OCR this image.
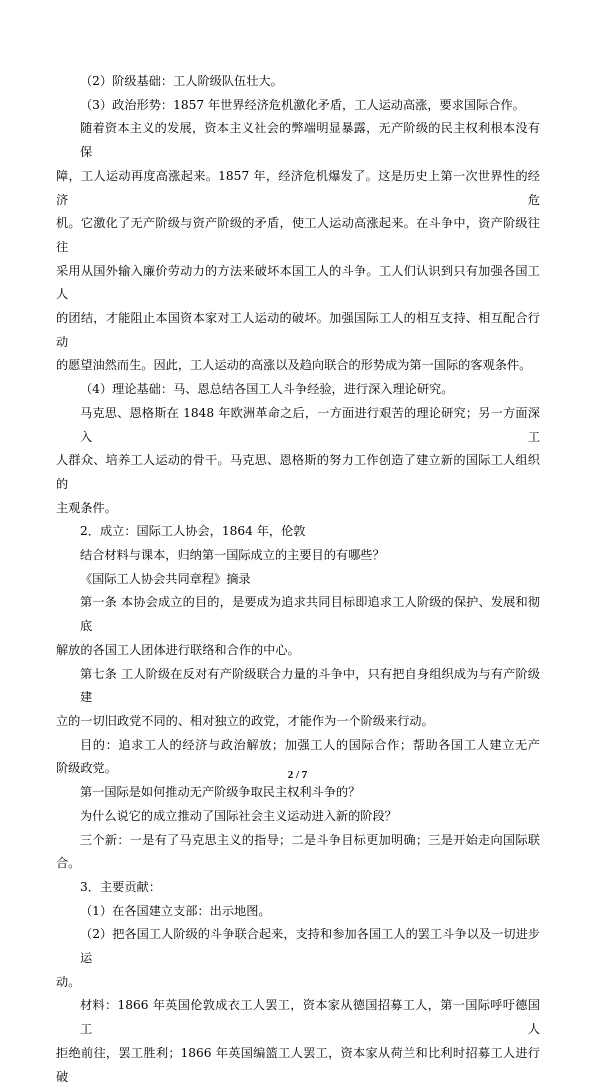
（2）阶级基础：工人阶级队伍壮大。
（3）政治形势：1857 年世界经济危机激化矛盾，工人运动高涨，要求国际合作。
随着资本主义的发展，资本主义社会的弊端明显暴露，无产阶级的民主权利根本没有保
障，工人运动再度高涨起来。1857 年，经济危机爆发了。这是历史上第一次世界性的经济危
机。它激化了无产阶级与资产阶级的矛盾，使工人运动高涨起来。在斗争中，资产阶级往往
采用从国外输入廉价劳动力的方法来破坏本国工人的斗争。工人们认识到只有加强各国工人
的团结，才能阻止本国资本家对工人运动的破坏。加强国际工人的相互支持、相互配合行动
的愿望油然而生。因此，工人运动的高涨以及趋向联合的形势成为第一国际的客观条件。
（4）理论基础：马、恩总结各国工人斗争经验，进行深入理论研究。
马克思、恩格斯在 1848 年欧洲革命之后，一方面进行艰苦的理论研究；另一方面深入工
人群众、培养工人运动的骨干。马克思、恩格斯的努力工作创造了建立新的国际工人组织的
主观条件。
2．成立：国际工人协会，1864 年，伦敦
结合材料与课本，归纳第一国际成立的主要目的有哪些？
《国际工人协会共同章程》摘录
第一条 本协会成立的目的，是要成为追求共同目标即追求工人阶级的保护、发展和彻底
解放的各国工人团体进行联络和合作的中心。
第七条 工人阶级在反对有产阶级联合力量的斗争中，只有把自身组织成为与有产阶级建
立的一切旧政党不同的、相对独立的政党，才能作为一个阶级来行动。
目的：追求工人的经济与政治解放；加强工人的国际合作；帮助各国工人建立无产
阶级政党。
第一国际是如何推动无产阶级争取民主权利斗争的？
为什么说它的成立推动了国际社会主义运动进入新的阶段？
三个新：一是有了马克思主义的指导；二是斗争目标更加明确；三是开始走向国际联
合。
3．主要贡献：
（1）在各国建立支部：出示地图。
（2）把各国工人阶级的斗争联合起来，支持和参加各国工人的罢工斗争以及一切进步运
动。
材料：1866 年英国伦敦成衣工人罢工，资本家从德国招募工人，第一国际呼吁德国工人
拒绝前往，罢工胜利；1866 年英国编篮工人罢工，资本家从荷兰和比利时招募工人进行破
2 / 7
